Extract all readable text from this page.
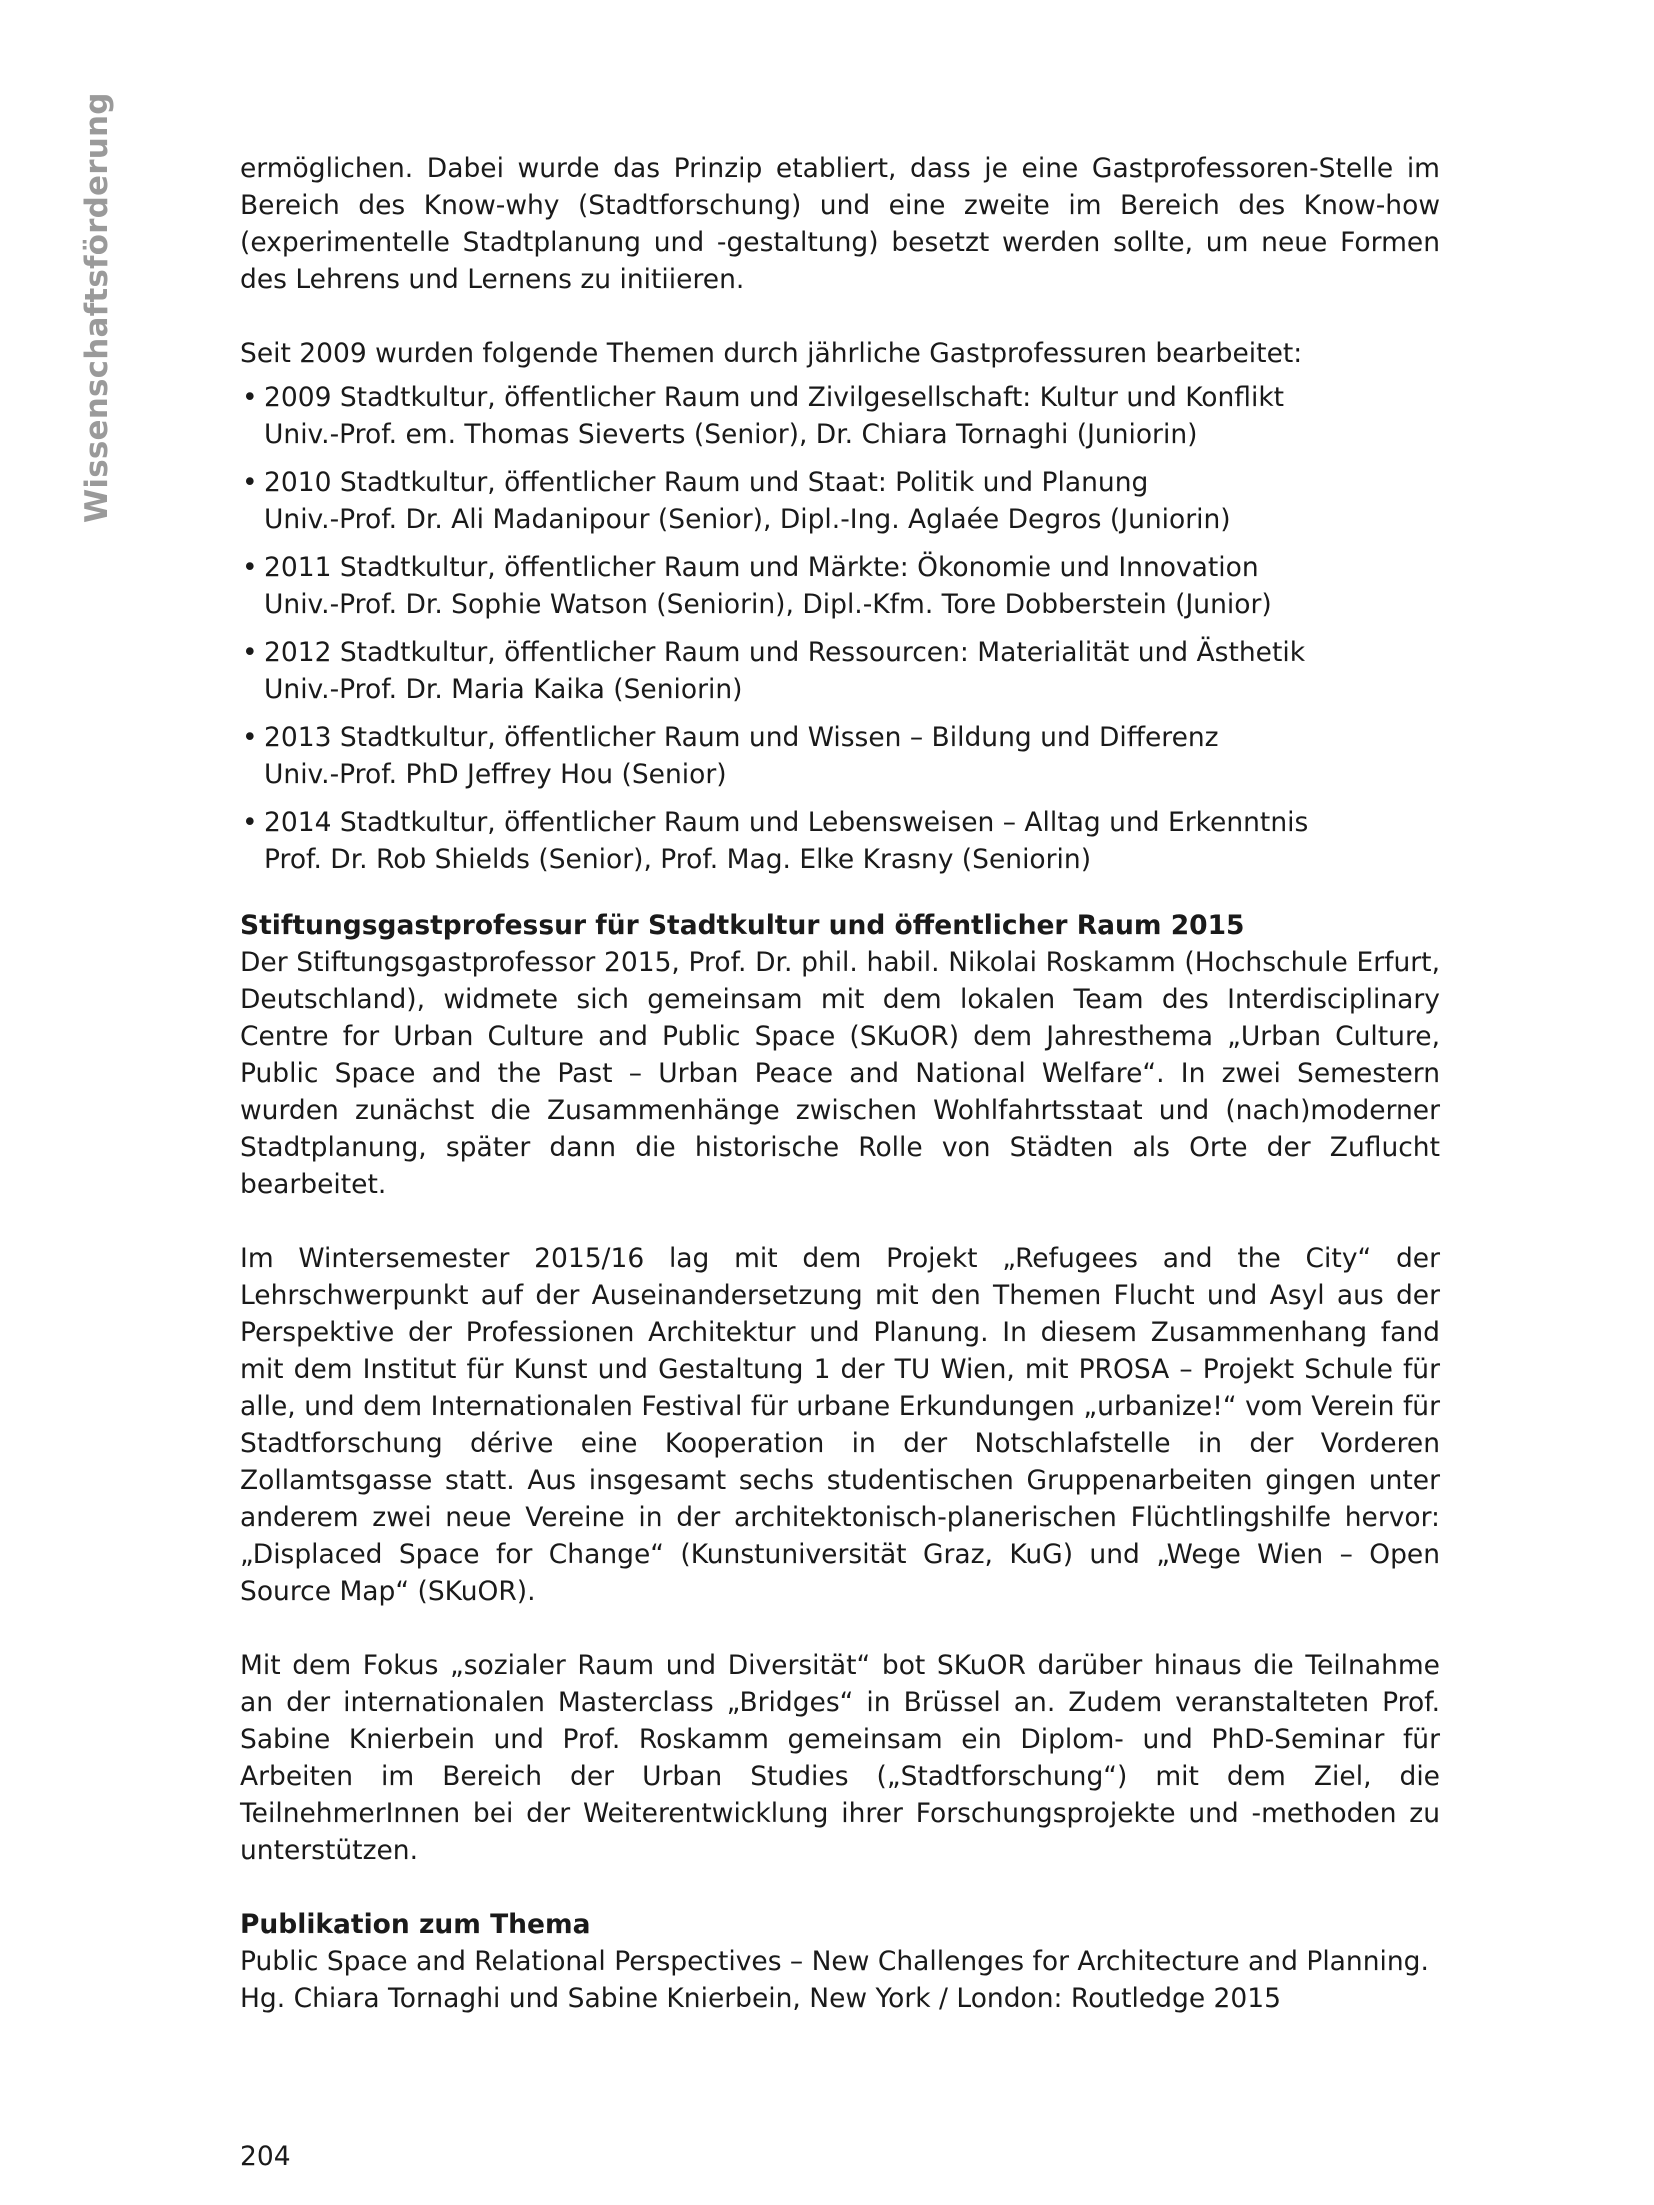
Wissenschaftsförderung	ermöglichen. Dabei wurde das Prinzip etabliert, dass je eine Gastprofessoren-Stelle im Bereich des Know-why (Stadtforschung) und eine zweite im Bereich des Know-how (experimentelle Stadtplanung und -gestaltung) besetzt werden sollte, um neue Formen des Lehrens und Lernens zu initiieren.

Seit 2009 wurden folgende Themen durch jährliche Gastprofessuren bearbeitet:

• 2009 Stadtkultur, öffentlicher Raum und Zivilgesellschaft: Kultur und Konflikt
Univ.-Prof. em. Thomas Sieverts (Senior), Dr. Chiara Tornaghi (Juniorin)
• 2010 Stadtkultur, öffentlicher Raum und Staat: Politik und Planung
Univ.-Prof. Dr. Ali Madanipour (Senior), Dipl.-Ing. Aglaée Degros (Juniorin)
• 2011 Stadtkultur, öffentlicher Raum und Märkte: Ökonomie und Innovation
Univ.-Prof. Dr. Sophie Watson (Seniorin), Dipl.-Kfm. Tore Dobberstein (Junior)
• 2012 Stadtkultur, öffentlicher Raum und Ressourcen: Materialität und Ästhetik
Univ.-Prof. Dr. Maria Kaika (Seniorin)
• 2013 Stadtkultur, öffentlicher Raum und Wissen – Bildung und Differenz
Univ.-Prof. PhD Jeffrey Hou (Senior)
• 2014 Stadtkultur, öffentlicher Raum und Lebensweisen – Alltag und Erkenntnis
Prof. Dr. Rob Shields (Senior), Prof. Mag. Elke Krasny (Seniorin)

Stiftungsgastprofessur für Stadtkultur und öffentlicher Raum 2015

Der Stiftungsgastprofessor 2015, Prof. Dr. phil. habil. Nikolai Roskamm (Hochschule Erfurt, Deutschland), widmete sich gemeinsam mit dem lokalen Team des Interdisciplinary Centre for Urban Culture and Public Space (SKuOR) dem Jahresthema „Urban Culture, Public Space and the Past – Urban Peace and National Welfare“. In zwei Semestern wurden zunächst die Zusammenhänge zwischen Wohlfahrtsstaat und (nach)moderner Stadtplanung, später dann die historische Rolle von Städten als Orte der Zuflucht bearbeitet.

Im Wintersemester 2015/16 lag mit dem Projekt „Refugees and the City“ der Lehrschwerpunkt auf der Auseinandersetzung mit den Themen Flucht und Asyl aus der Perspektive der Professionen Architektur und Planung. In diesem Zusammenhang fand mit dem Institut für Kunst und Gestaltung 1 der TU Wien, mit PROSA – Projekt Schule für alle, und dem Internationalen Festival für urbane Erkundungen „urbanize!“ vom Verein für Stadtforschung dérive eine Kooperation in der Notschlafstelle in der Vorderen Zollamtsgasse statt. Aus insgesamt sechs studentischen Gruppenarbeiten gingen unter anderem zwei neue Vereine in der architektonisch-planerischen Flüchtlingshilfe hervor: „Displaced Space for Change“ (Kunstuniversität Graz, KuG) und „Wege Wien – Open Source Map“ (SKuOR).

Mit dem Fokus „sozialer Raum und Diversität“ bot SKuOR darüber hinaus die Teilnahme an der internationalen Masterclass „Bridges“ in Brüssel an. Zudem veranstalteten Prof. Sabine Knierbein und Prof. Roskamm gemeinsam ein Diplom- und PhD-Seminar für Arbeiten im Bereich der Urban Studies („Stadtforschung“) mit dem Ziel, die TeilnehmerInnen bei der Weiterentwicklung ihrer Forschungsprojekte und -methoden zu unterstützen.

Publikation zum Thema

Public Space and Relational Perspectives – New Challenges for Architecture and Planning. Hg. Chiara Tornaghi und Sabine Knierbein, New York / London: Routledge 2015

204
